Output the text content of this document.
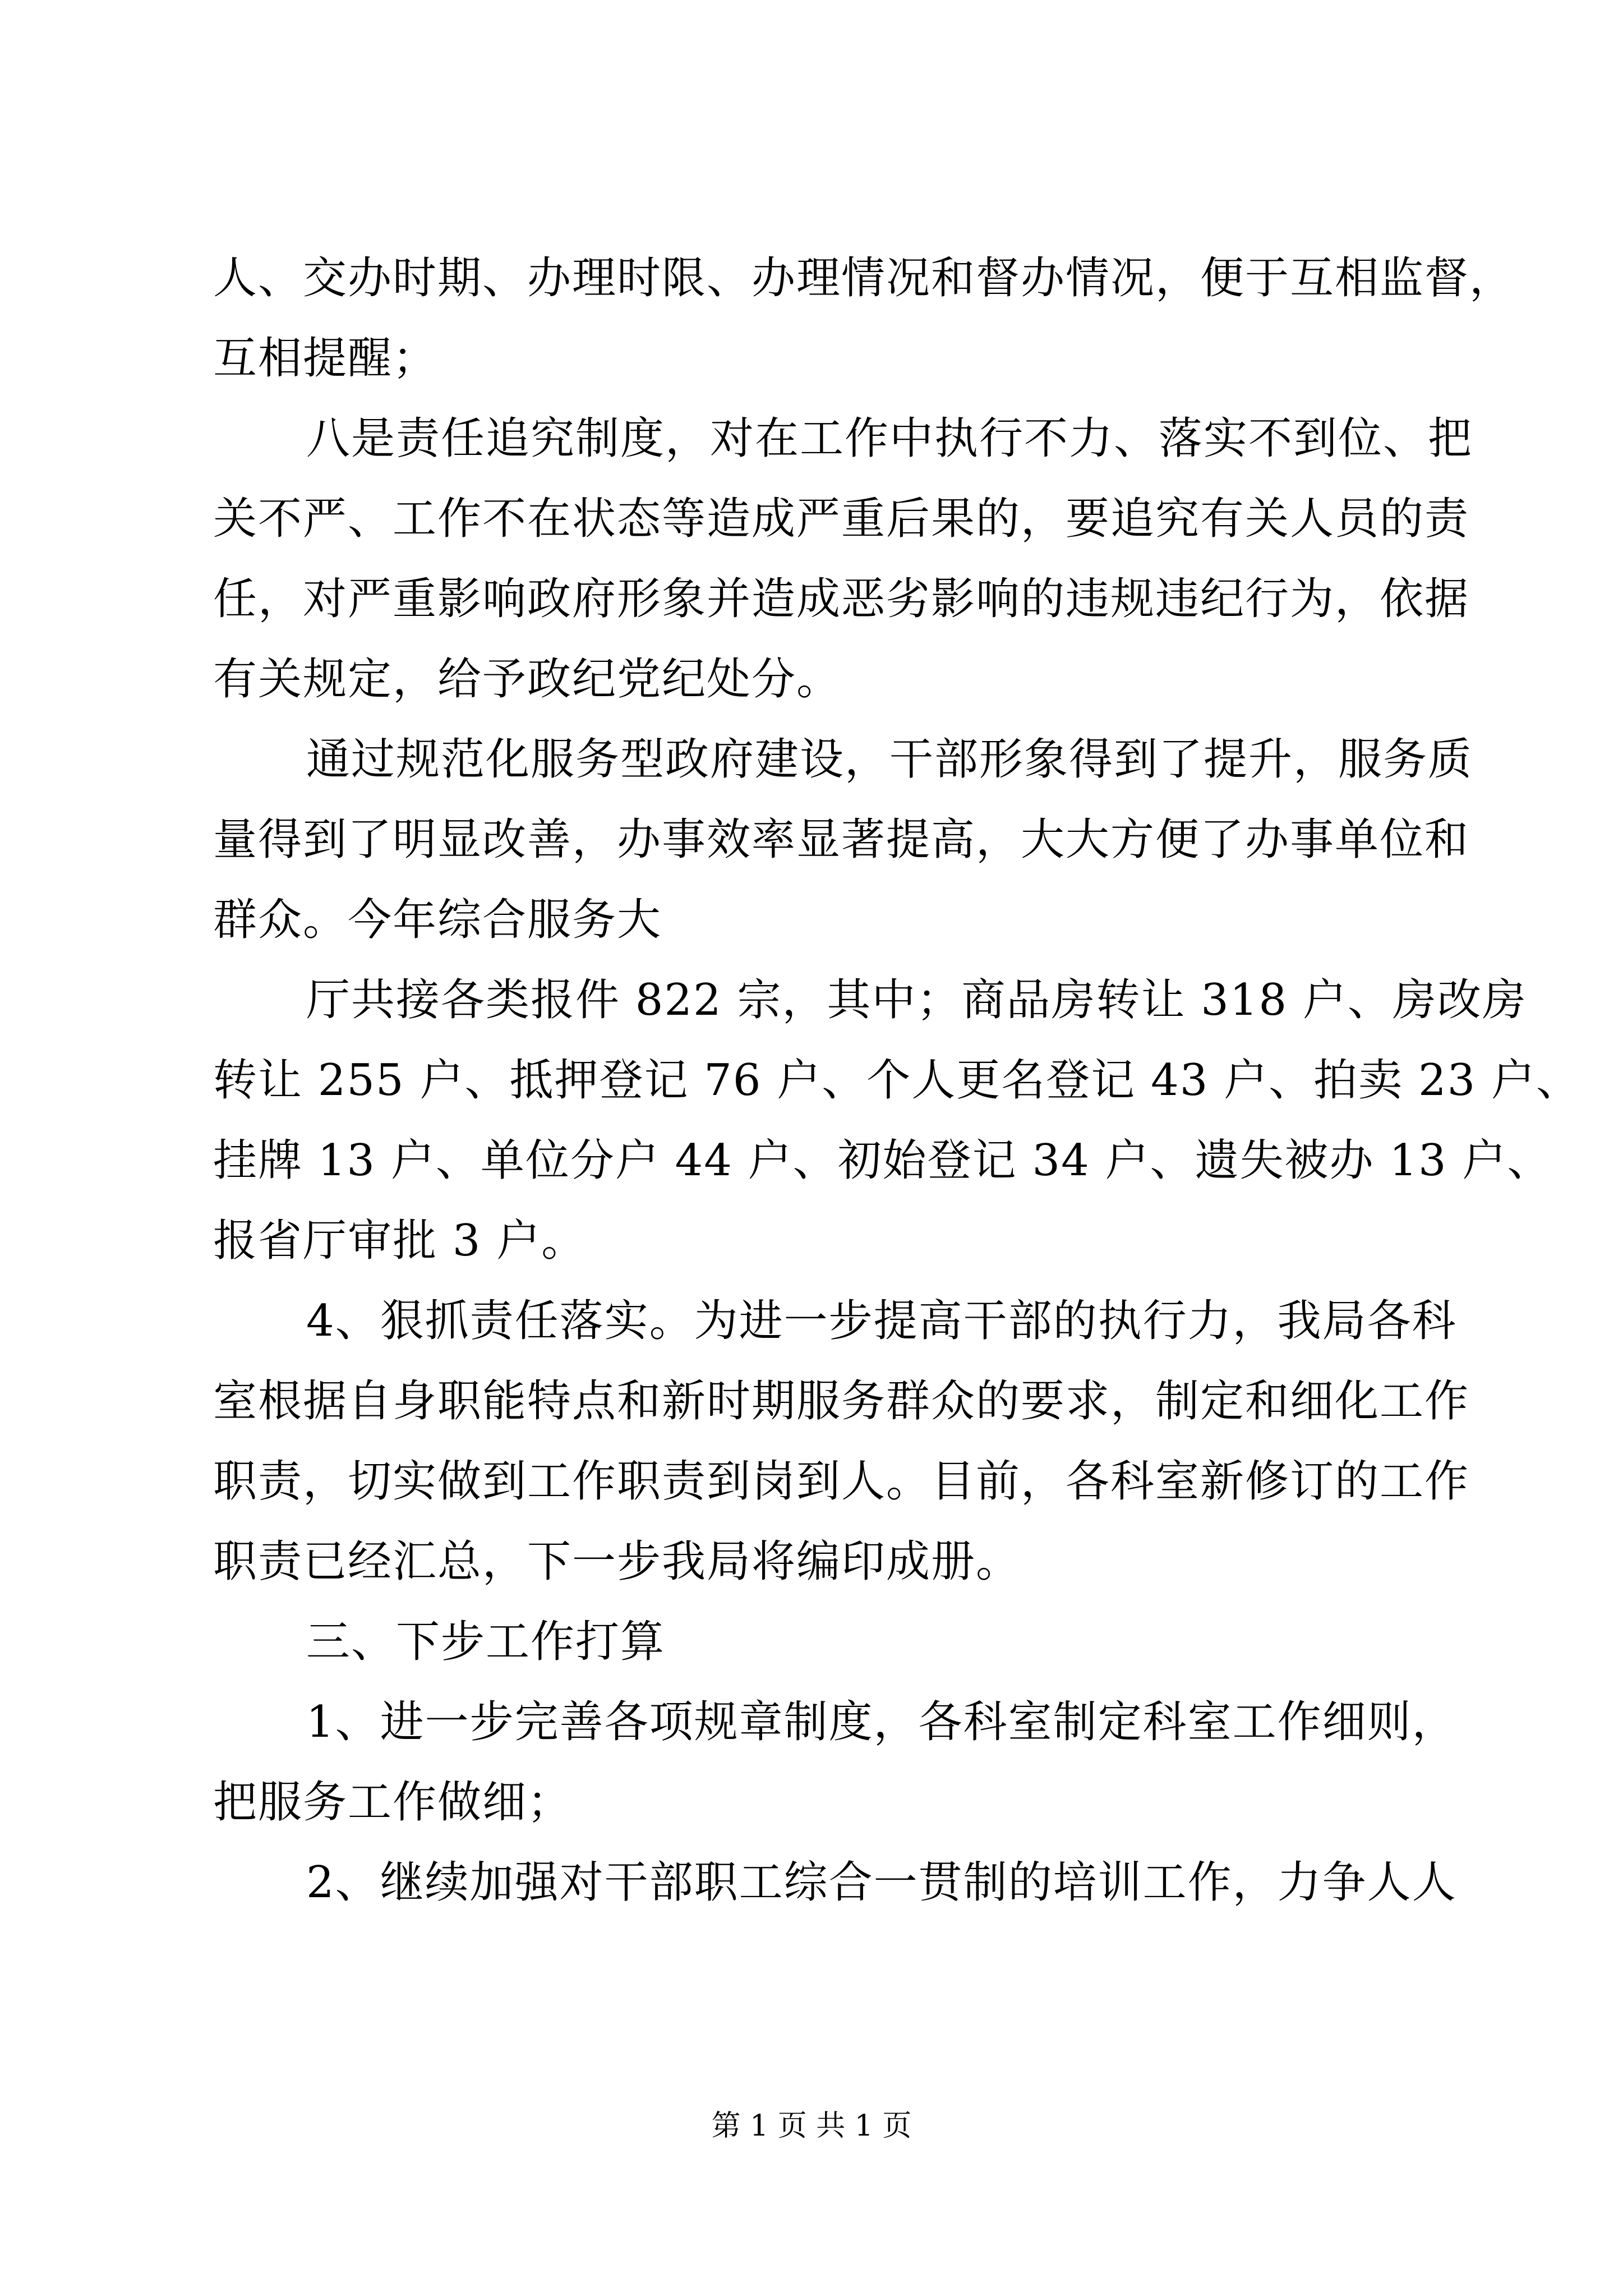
人、交办时期、办理时限、办理情况和督办情况，便于互相监督，
互相提醒；
八是责任追究制度，对在工作中执行不力、落实不到位、把
关不严、工作不在状态等造成严重后果的，要追究有关人员的责
任，对严重影响政府形象并造成恶劣影响的违规违纪行为，依据
有关规定，给予政纪党纪处分。
通过规范化服务型政府建设，干部形象得到了提升，服务质
量得到了明显改善，办事效率显著提高，大大方便了办事单位和
群众。今年综合服务大
厅共接各类报件 822 宗，其中；商品房转让 318 户、房改房
转让 255 户、抵押登记 76 户、个人更名登记 43 户、拍卖 23 户、
挂牌 13 户、单位分户 44 户、初始登记 34 户、遗失被办 13 户、
报省厅审批 3 户。
4、狠抓责任落实。为进一步提高干部的执行力，我局各科
室根据自身职能特点和新时期服务群众的要求，制定和细化工作
职责，切实做到工作职责到岗到人。目前，各科室新修订的工作
职责已经汇总，下一步我局将编印成册。
三、下步工作打算
1、进一步完善各项规章制度，各科室制定科室工作细则，
把服务工作做细；
2、继续加强对干部职工综合一贯制的培训工作，力争人人
第 1 页 共 1 页
